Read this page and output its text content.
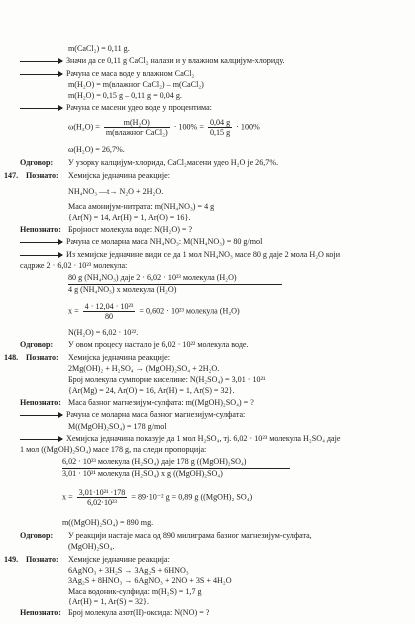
m(CaCl₂) = 0,11 g.
Значи да се 0,11 g CaCl₂ налази и у влажном калцијум-хлориду.
Рачуна се маса воде у влажном CaCl₂
m(H₂O) = m(влажног CaCl₂) – m(CaCl₂)
m(H₂O) = 0,15 g – 0,11 g = 0,04 g.
Рачуна се масени удео воде у процентима:
$\omega(H_2O) = \frac{\text{m(H₂O)}}{\text{m(влажног CaCl₂)}} \cdot 100\% = \frac{0,04 g}{0,15 g} \cdot 100\%$
ω(H₂O) = 26,7%.
Одговор: У узорку калцијум-хлорида, CaCl₂масени удео H₂O је 26,7%.
147. Познато: Хемијска једначина реакције:
NH₄NO₃ —t→ N₂O + 2H₂O.
Маса амонијум-нитрата: m(NH₄NO₃) = 4 g
{Ar(N) = 14, Ar(H) = 1, Ar(O) = 16}.
Непознато: Бројност молекула воде: N(H₂O) = ?
Рачуна се моларна маса NH₄NO₃: M(NH₄NO₃) = 80 g/mol
Из хемијске једначине види се да 1 мол NH₄NO₃ масе 80 g даје 2 мола H₂O који
садрже 2 · 6,02 · 10²³ молекула:
80 g (NH₄NO₃) даје 2 · 6,02 · 10²³ молекула (H₂O)
4 g (NH₄NO₃) x молекула (H₂O)
$x = \frac{\text{4 · 12,04 · 10²³}}{80} = 0,602 \cdot 10^{23}$ молекула (H₂O)
N(H₂O) = 6,02 · 10²².
Одговор: У овом процесу настало је 6,02 · 10²² молекула воде.
148. Познато: Хемијска једначина реакције:
2Mg(OH)₂ + H₂SO₄ → (MgOH)₂SO₄ + 2H₂O.
Број молекула сумпорне киселине: N(H₂SO₄) = 3,01 · 10²¹
{Ar(Mg) = 24, Ar(O) = 16, Ar(H) = 1, Ar(S) = 32}.
Непознато: Маса базног магнезијум-сулфата: m((MgOH)₂SO₄) = ?
Рачуна се моларна маса базног магнезијум-сулфата:
M((MgOH)₂SO₄) = 178 g/mol
Хемијска једначина показује да 1 мол H₂SO₄, тј. 6,02 · 10²³ молекула H₂SO₄ даје
1 мол ((MgOH)₂SO₄) масе 178 g, па следи пропорција:
6,02 · 10²³ молекула (H₂SO₄) даје 178 g ((MgOH)₂SO₄)
3,01 · 10²¹ молекула (H₂SO₄) x g ((MgOH)₂SO₄)
$x = \frac{\text{3,01·10²¹ ·178}}{\text{6,02·10²³}} = 89\cdot 10^{-2}$ g = 0,89 g ((MgOH)₂ SO₄)
m((MgOH)₂SO₄) = 890 mg.
Одговор: У реакцији настаје маса од 890 милиграма базног магнезијум-сулфата,
(MgOH)₂SO₄.
149. Познато: Хемијске једначине реакција:
6AgNO₃ + 3H₂S → 3Ag₂S + 6HNO₃
3Ag₂S + 8HNO₃ → 6AgNO₃ + 2NO + 3S + 4H₂O
Маса водоник-сулфида: m(H₂S) = 1,7 g
{Ar(H) = 1, Ar(S) = 32}.
Непознато: Број молекула азот(II)-оксида: N(NO) = ?
